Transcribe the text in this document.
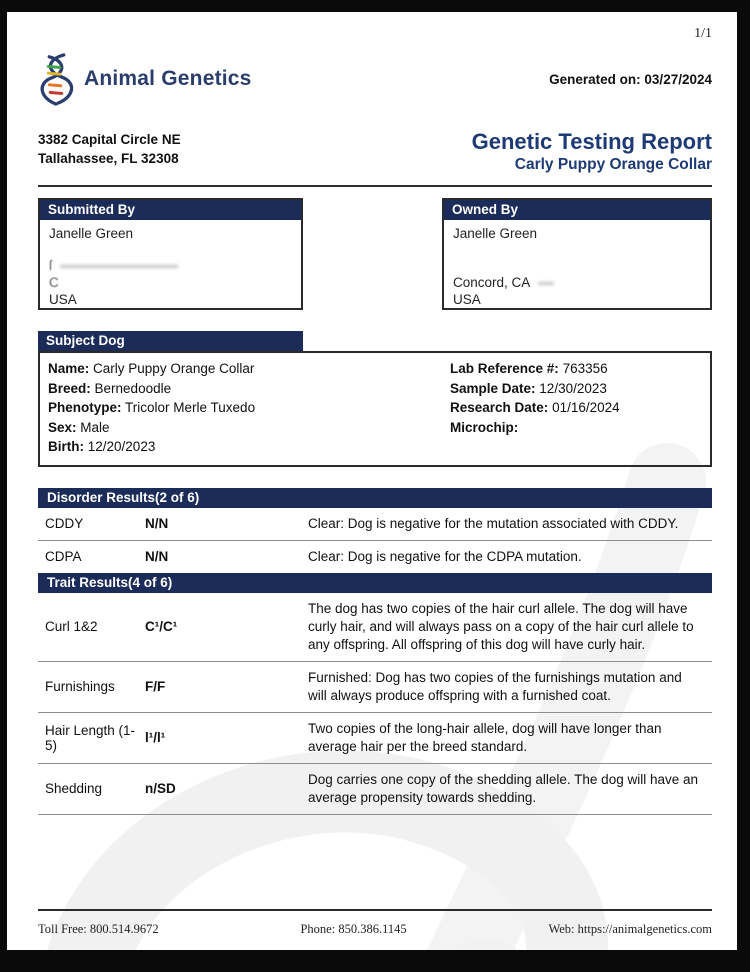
1/1
Animal Genetics	Generated on: 03/27/2024
3382 Capital Circle NE
Tallahassee, FL 32308
Genetic Testing Report
Carly Puppy Orange Collar
Submitted By
Janelle Green
ſ
C
USA
Owned By
Janelle Green
Concord, CA
USA
Subject Dog
Name: Carly Puppy Orange Collar
Breed: Bernedoodle
Phenotype: Tricolor Merle Tuxedo
Sex: Male
Birth: 12/20/2023
Lab Reference #: 763356
Sample Date: 12/30/2023
Research Date: 01/16/2024
Microchip:
Disorder Results(2 of 6)
CDDY	N/N	Clear: Dog is negative for the mutation associated with CDDY.
CDPA	N/N	Clear: Dog is negative for the CDPA mutation.
Trait Results(4 of 6)
Curl 1&2	C¹/C¹
The dog has two copies of the hair curl allele. The dog will have curly hair, and will always pass on a copy of the hair curl allele to any offspring. All offspring of this dog will have curly hair.
Furnishings	F/F
Furnished: Dog has two copies of the furnishings mutation and will always produce offspring with a furnished coat.
Hair Length (1-5)	l¹/l¹
Two copies of the long-hair allele, dog will have longer than average hair per the breed standard.
Shedding	n/SD
Dog carries one copy of the shedding allele. The dog will have an average propensity towards shedding.
Toll Free: 800.514.9672	Phone: 850.386.1145	Web: https://animalgenetics.com
